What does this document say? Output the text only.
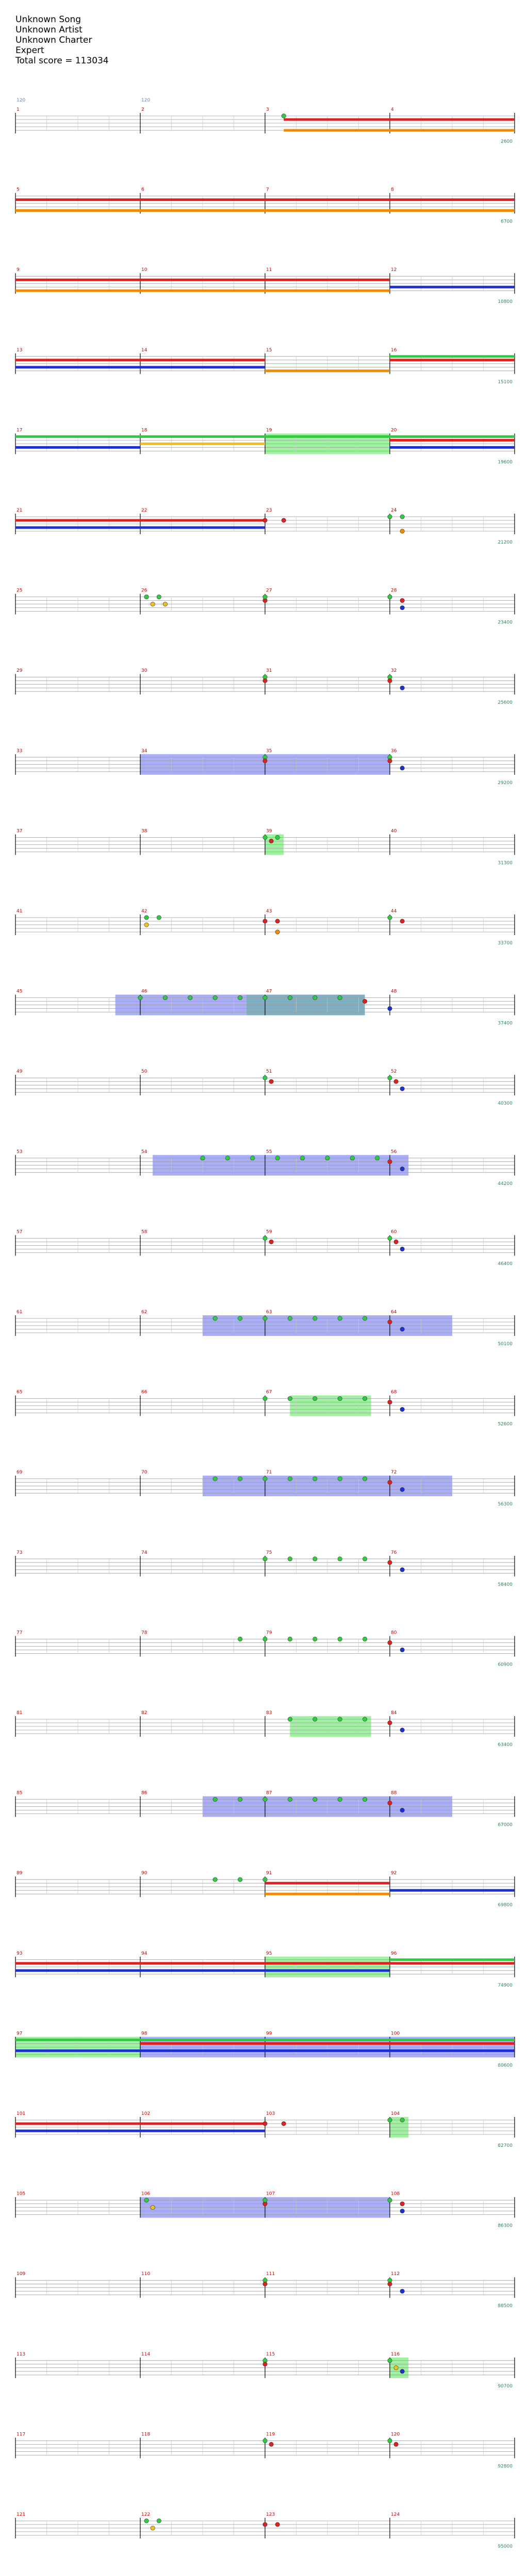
Unknown Song
Unknown Artist
Unknown Charter
Expert
Total score = 113034
120	120
1	2	3	4
2600
5	6	7	8
6700
9	10	11	12
10800
13	14	15	16
15100
17	18	19	20
19600
21	22	23	24
21200
25	26	27	28
23400
29	30	31	32
25600
33	34	35	36
29200
37	38	39	40
31300
41	42	43	44
33700
45	46	47	48
37400
49	50	51	52
40300
53	54	55	56
44200
57	58	59	60
46400
61	62	63	64
50100
65	66	67	68
52600
69	70	71	72
56300
73	74	75	76
58400
77	78	79	80
60900
81	82	83	84
63400
85	86	87	88
67000
89	90	91	92
69800
93	94	95	96
74900
97	98	99	100
80600
101	102	103	104
82700
105	106	107	108
86300
109	110	111	112
88500
113	114	115	116
90700
117	118	119	120
92800
121	122	123	124
95000
